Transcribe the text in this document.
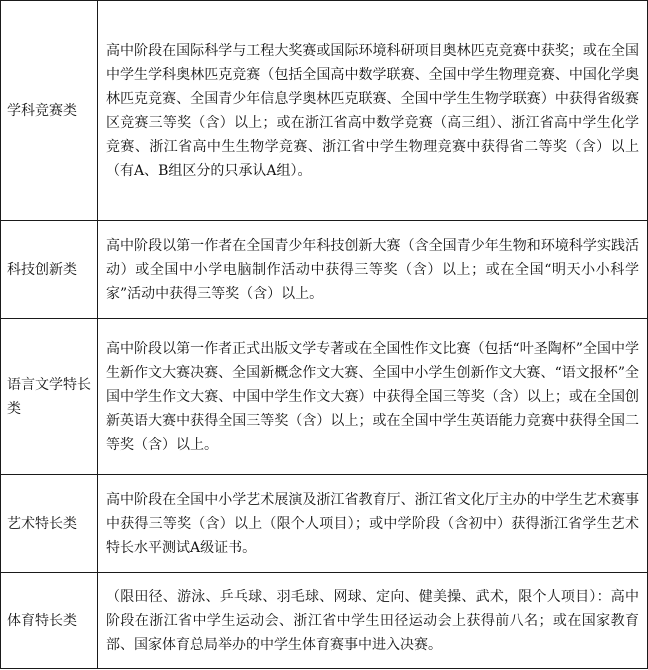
学科竞赛类	高中阶段在国际科学与工程大奖赛或国际环境科研项目奥林匹克竞赛中获奖；或在全国中学生学科奥林匹克竞赛（包括全国高中数学联赛、全国中学生物理竞赛、中国化学奥林匹克竞赛、全国青少年信息学奥林匹克联赛、全国中学生生物学联赛）中获得省级赛区竞赛三等奖（含）以上；或在浙江省高中数学竞赛（高三组）、浙江省高中学生化学竞赛、浙江省高中生生物学竞赛、浙江省中学生物理竞赛中获得省二等奖（含）以上（有A、B组区分的只承认A组）。
科技创新类	高中阶段以第一作者在全国青少年科技创新大赛（含全国青少年生物和环境科学实践活动）或全国中小学电脑制作活动中获得三等奖（含）以上；或在全国“明天小小科学家”活动中获得三等奖（含）以上。
语言文学特长类	高中阶段以第一作者正式出版文学专著或在全国性作文比赛（包括“叶圣陶杯”全国中学生新作文大赛决赛、全国新概念作文大赛、全国中小学生创新作文大赛、“语文报杯”全国中学生作文大赛、中国中学生作文大赛）中获得全国三等奖（含）以上；或在全国创新英语大赛中获得全国三等奖（含）以上；或在全国中学生英语能力竞赛中获得全国二等奖（含）以上。
艺术特长类	高中阶段在全国中小学艺术展演及浙江省教育厅、浙江省文化厅主办的中学生艺术赛事中获得三等奖（含）以上（限个人项目）；或中学阶段（含初中）获得浙江省学生艺术特长水平测试A级证书。
体育特长类	（限田径、游泳、乒乓球、羽毛球、网球、定向、健美操、武术，限个人项目）：高中阶段在浙江省中学生运动会、浙江省中学生田径运动会上获得前八名；或在国家教育部、国家体育总局举办的中学生体育赛事中进入决赛。
